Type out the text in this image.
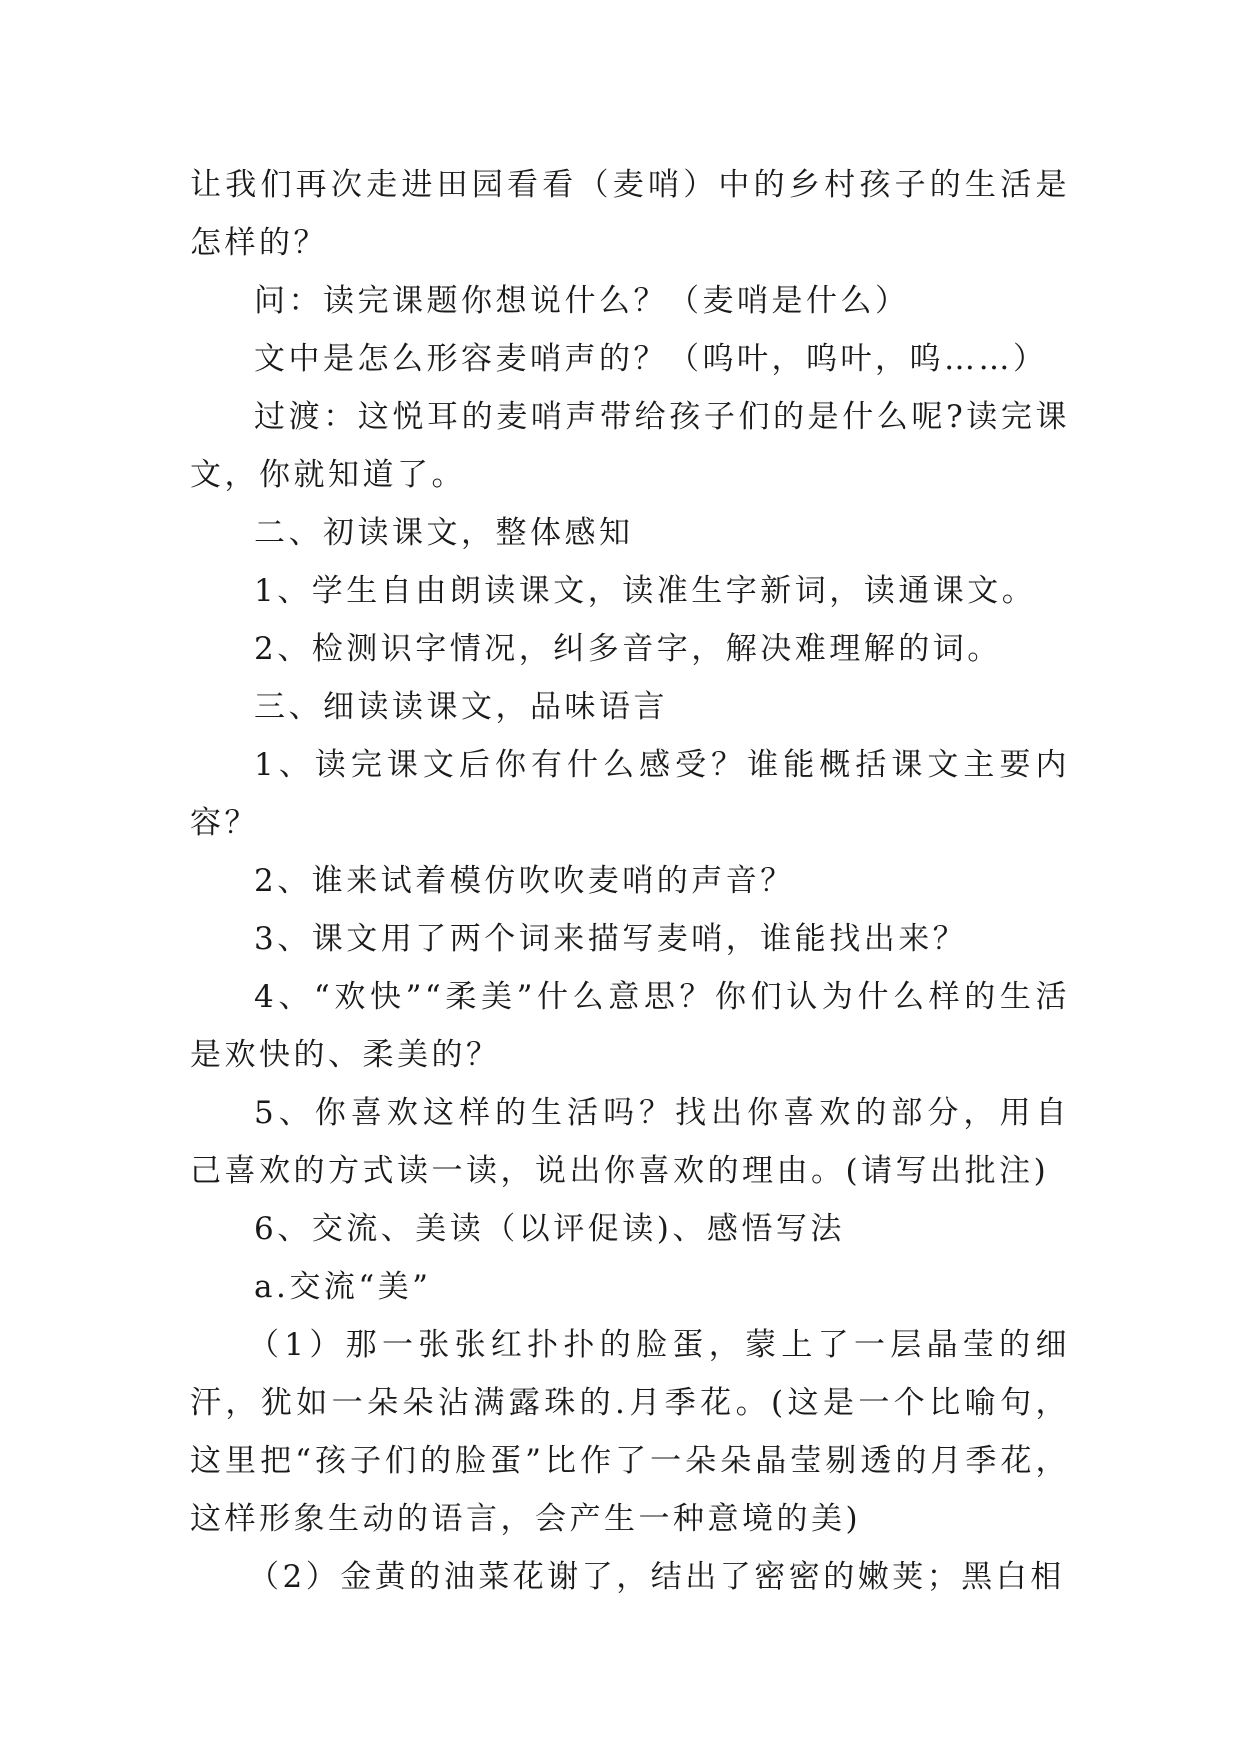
让我们再次走进田园看看（麦哨）中的乡村孩子的生活是怎样的？

问：读完课题你想说什么？（麦哨是什么）

文中是怎么形容麦哨声的？（呜叶，呜叶，呜……）

过渡：这悦耳的麦哨声带给孩子们的是什么呢?读完课文，你就知道了。

二、初读课文，整体感知

1、学生自由朗读课文，读准生字新词，读通课文。

2、检测识字情况，纠多音字，解决难理解的词。

三、细读读课文，品味语言

1、读完课文后你有什么感受？谁能概括课文主要内容？

2、谁来试着模仿吹吹麦哨的声音？

3、课文用了两个词来描写麦哨，谁能找出来？

4、“欢快”“柔美”什么意思？你们认为什么样的生活是欢快的、柔美的？

5、你喜欢这样的生活吗？找出你喜欢的部分，用自己喜欢的方式读一读，说出你喜欢的理由。(请写出批注)

6、交流、美读（以评促读)、感悟写法

a.交流“美”

（1）那一张张红扑扑的脸蛋，蒙上了一层晶莹的细汗，犹如一朵朵沾满露珠的.月季花。(这是一个比喻句，这里把“孩子们的脸蛋”比作了一朵朵晶莹剔透的月季花，这样形象生动的语言，会产生一种意境的美)

（2）金黄的油菜花谢了，结出了密密的嫩荚；黑白相
